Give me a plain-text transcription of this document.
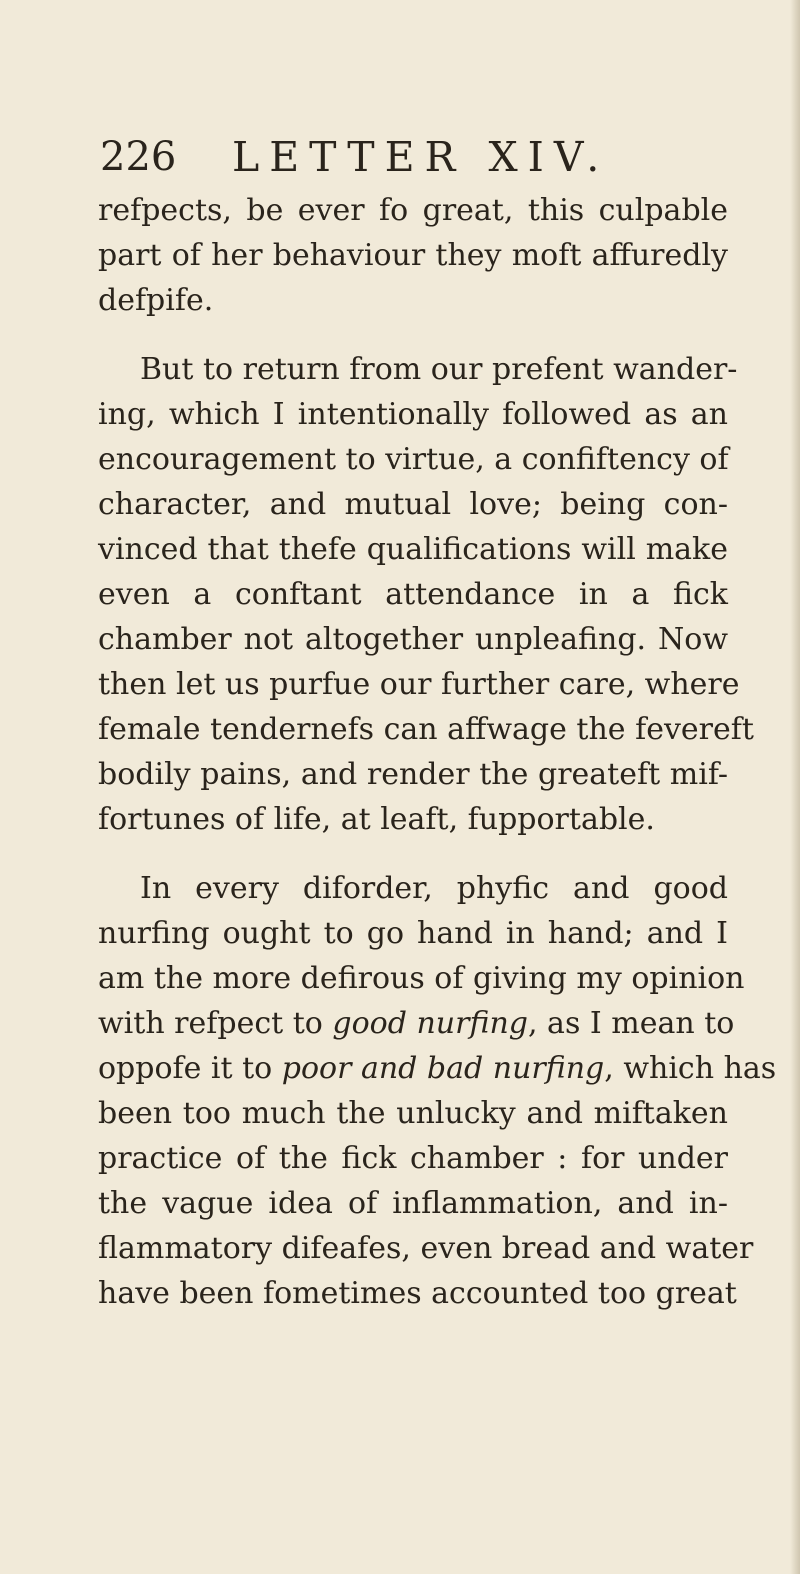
226 LETTER XIV.
refpects, be ever fo great, this culpable
part of her behaviour they moft affuredly
defpife.
But to return from our prefent wander-
ing, which I intentionally followed as an
encouragement to virtue, a confiftency of
character, and mutual love; being con-
vinced that thefe qualifications will make
even a conftant attendance in a fick
chamber not altogether unpleafing. Now
then let us purfue our further care, where
female tendernefs can affwage the fevereft
bodily pains, and render the greateft mif-
fortunes of life, at leaft, fupportable.
In every diforder, phyfic and good
nurfing ought to go hand in hand; and I
am the more defirous of giving my opinion
with refpect to good nurfing, as I mean to
oppofe it to poor and bad nurfing, which has
been too much the unlucky and miftaken
practice of the fick chamber : for under
the vague idea of inflammation, and in-
flammatory difeafes, even bread and water
have been fometimes accounted too great
